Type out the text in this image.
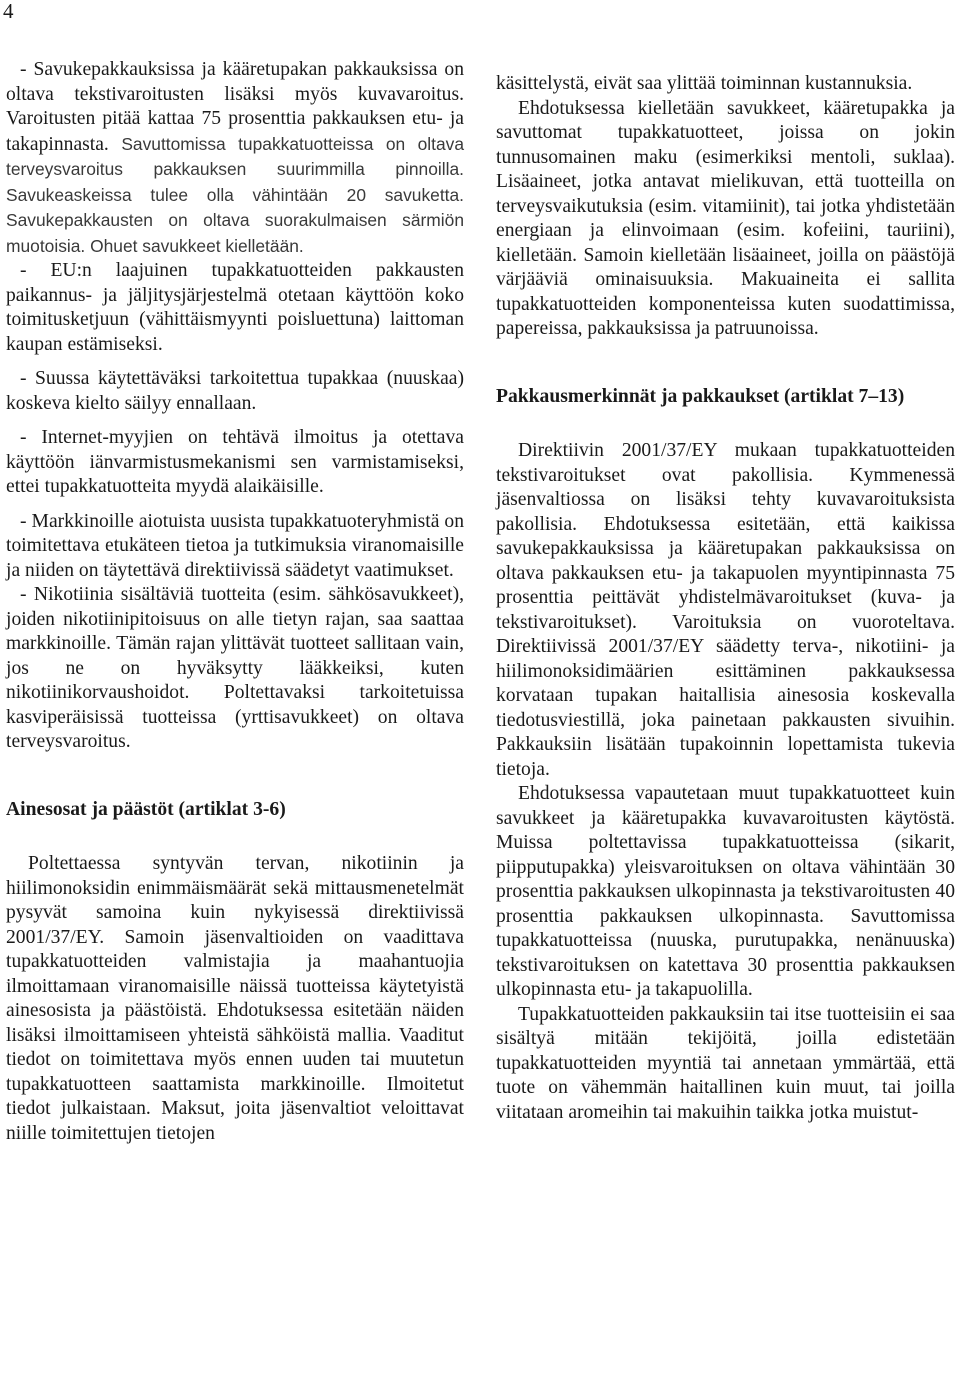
4

- Savukepakkauksissa ja kääretupakan pakkauksissa on oltava tekstivaroitusten lisäksi myös kuvavaroitus. Varoitusten pitää kattaa 75 prosenttia pakkauksen etu- ja takapinnasta. Savuttomissa tupakkatuotteissa on oltava terveysvaroitus pakkauksen suurimmilla pinnoilla. Savukeaskeissa tulee olla vähintään 20 savuketta. Savukepakkausten on oltava suorakulmaisen särmiön muotoisia. Ohuet savukkeet kielletään.

- EU:n laajuinen tupakkatuotteiden pakkausten paikannus- ja jäljitysjärjestelmä otetaan käyttöön koko toimitusketjuun (vähittäismyynti poisluettuna) laittoman kaupan estämiseksi.

- Suussa käytettäväksi tarkoitettua tupakkaa (nuuskaa) koskeva kielto säilyy ennallaan.

- Internet-myyjien on tehtävä ilmoitus ja otettava käyttöön iänvarmistusmekanismi sen varmistamiseksi, ettei tupakkatuotteita myydä alaikäisille.

- Markkinoille aiotuista uusista tupakkatuoteryhmistä on toimitettava etukäteen tietoa ja tutkimuksia viranomaisille ja niiden on täytettävä direktiivissä säädetyt vaatimukset.

- Nikotiinia sisältäviä tuotteita (esim. sähkösavukkeet), joiden nikotiinipitoisuus on alle tietyn rajan, saa saattaa markkinoille. Tämän rajan ylittävät tuotteet sallitaan vain, jos ne on hyväksytty lääkkeiksi, kuten nikotiinikorvaushoidot. Poltettavaksi tarkoitetuissa kasviperäisissä tuotteissa (yrttisavukkeet) on oltava terveysvaroitus.

Ainesosat ja päästöt (artiklat 3-6)

Poltettaessa syntyvän tervan, nikotiinin ja hiilimonoksidin enimmäismäärät sekä mittausmenetelmät pysyvät samoina kuin nykyisessä direktiivissä 2001/37/EY. Samoin jäsenvaltioiden on vaadittava tupakkatuotteiden valmistajia ja maahantuojia ilmoittamaan viranomaisille näissä tuotteissa käytetyistä ainesosista ja päästöistä. Ehdotuksessa esitetään näiden lisäksi ilmoittamiseen yhteistä sähköistä mallia. Vaaditut tiedot on toimitettava myös ennen uuden tai muutetun tupakkatuotteen saattamista markkinoille. Ilmoitetut tiedot julkaistaan. Maksut, joita jäsenvaltiot veloittavat niille toimitettujen tietojen

käsittelystä, eivät saa ylittää toiminnan kustannuksia.

Ehdotuksessa kielletään savukkeet, kääretupakka ja savuttomat tupakkatuotteet, joissa on jokin tunnusomainen maku (esimerkiksi mentoli, suklaa). Lisäaineet, jotka antavat mielikuvan, että tuotteilla on terveysvaikutuksia (esim. vitamiinit), tai jotka yhdistetään energiaan ja elinvoimaan (esim. kofeiini, tauriini), kielletään. Samoin kielletään lisäaineet, joilla on päästöjä värjääviä ominaisuuksia. Makuaineita ei sallita tupakkatuotteiden komponenteissa kuten suodattimissa, papereissa, pakkauksissa ja patruunoissa.

Pakkausmerkinnät ja pakkaukset (artiklat 7–13)

Direktiivin 2001/37/EY mukaan tupakkatuotteiden tekstivaroitukset ovat pakollisia. Kymmenessä jäsenvaltiossa on lisäksi tehty kuvavaroituksista pakollisia. Ehdotuksessa esitetään, että kaikissa savukepakkauksissa ja kääretupakan pakkauksissa on oltava pakkauksen etu- ja takapuolen myyntipinnasta 75 prosenttia peittävät yhdistelmävaroitukset (kuva- ja tekstivaroitukset). Varoituksia on vuoroteltava. Direktiivissä 2001/37/EY säädetty terva-, nikotiini- ja hiilimonoksidimäärien esittäminen pakkauksessa korvataan tupakan haitallisia ainesosia koskevalla tiedotusviestillä, joka painetaan pakkausten sivuihin. Pakkauksiin lisätään tupakoinnin lopettamista tukevia tietoja.

Ehdotuksessa vapautetaan muut tupakkatuotteet kuin savukkeet ja kääretupakka kuvavaroitusten käytöstä. Muissa poltettavissa tupakkatuotteissa (sikarit, piipputupakka) yleisvaroituksen on oltava vähintään 30 prosenttia pakkauksen ulkopinnasta ja tekstivaroitusten 40 prosenttia pakkauksen ulkopinnasta. Savuttomissa tupakkatuotteissa (nuuska, purutupakka, nenänuuska) tekstivaroituksen on katettava 30 prosenttia pakkauksen ulkopinnasta etu- ja takapuolilla.

Tupakkatuotteiden pakkauksiin tai itse tuotteisiin ei saa sisältyä mitään tekijöitä, joilla edistetään tupakkatuotteiden myyntiä tai annetaan ymmärtää, että tuote on vähemmän haitallinen kuin muut, tai joilla viitataan aromeihin tai makuihin taikka jotka muistut-
